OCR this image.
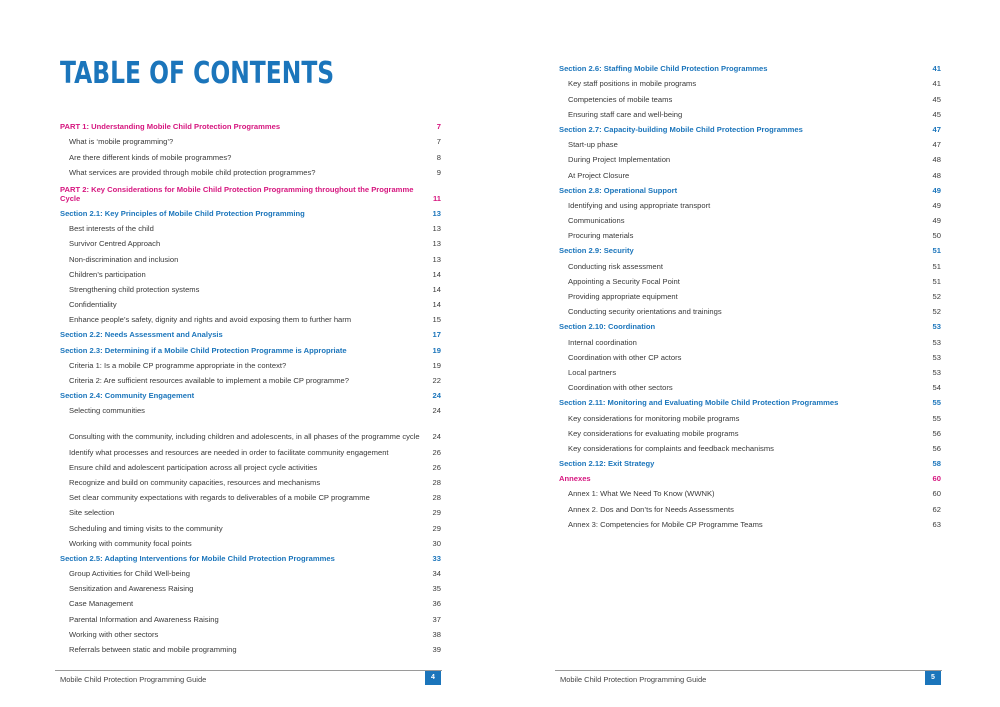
TABLE OF CONTENTS
PART 1: Understanding Mobile Child Protection Programmes	7
What is ‘mobile programming’?	7
Are there different kinds of mobile programmes?	8
What services are provided through mobile child protection programmes?	9
PART 2: Key Considerations for Mobile Child Protection Programming throughout the Programme Cycle	11
Section 2.1: Key Principles of Mobile Child Protection Programming	13
Best interests of the child	13
Survivor Centred Approach	13
Non-discrimination and inclusion	13
Children’s participation	14
Strengthening child protection systems	14
Confidentiality	14
Enhance people’s safety, dignity and rights and avoid exposing them to further harm	15
Section 2.2: Needs Assessment and Analysis	17
Section 2.3: Determining if a Mobile Child Protection Programme is Appropriate	19
Criteria 1: Is a mobile CP programme appropriate in the context?	19
Criteria 2: Are sufficient resources available to implement a mobile CP programme?	22
Section 2.4: Community Engagement	24
Selecting communities	24
Consulting with the community, including children and adolescents, in all phases of the programme cycle	24
Identify what processes and resources are needed in order to facilitate community engagement	26
Ensure child and adolescent participation across all project cycle activities	26
Recognize and build on community capacities, resources and mechanisms	28
Set clear community expectations with regards to deliverables of a mobile CP programme	28
Site selection	29
Scheduling and timing visits to the community	29
Working with community focal points	30
Section 2.5: Adapting Interventions for Mobile Child Protection Programmes	33
Group Activities for Child Well-being	34
Sensitization and Awareness Raising	35
Case Management	36
Parental Information and Awareness Raising	37
Working with other sectors	38
Referrals between static and mobile programming	39
Mobile Child Protection Programming Guide	4
Section 2.6: Staffing Mobile Child Protection Programmes	41
Key staff positions in mobile programs	41
Competencies of mobile teams	45
Ensuring staff care and well-being	45
Section 2.7: Capacity-building Mobile Child Protection Programmes	47
Start-up phase	47
During Project Implementation	48
At Project Closure	48
Section 2.8: Operational Support	49
Identifying and using appropriate transport	49
Communications	49
Procuring materials	50
Section 2.9: Security	51
Conducting risk assessment	51
Appointing a Security Focal Point	51
Providing appropriate equipment	52
Conducting security orientations and trainings	52
Section 2.10: Coordination	53
Internal coordination	53
Coordination with other CP actors	53
Local partners	53
Coordination with other sectors	54
Section 2.11: Monitoring and Evaluating Mobile Child Protection Programmes	55
Key considerations for monitoring mobile programs	55
Key considerations for evaluating mobile programs	56
Key considerations for complaints and feedback mechanisms	56
Section 2.12: Exit Strategy	58
Annexes	60
Annex 1: What We Need To Know (WWNK)	60
Annex 2. Dos and Don’ts for Needs Assessments	62
Annex 3: Competencies for Mobile CP Programme Teams	63
Mobile Child Protection Programming Guide	5
